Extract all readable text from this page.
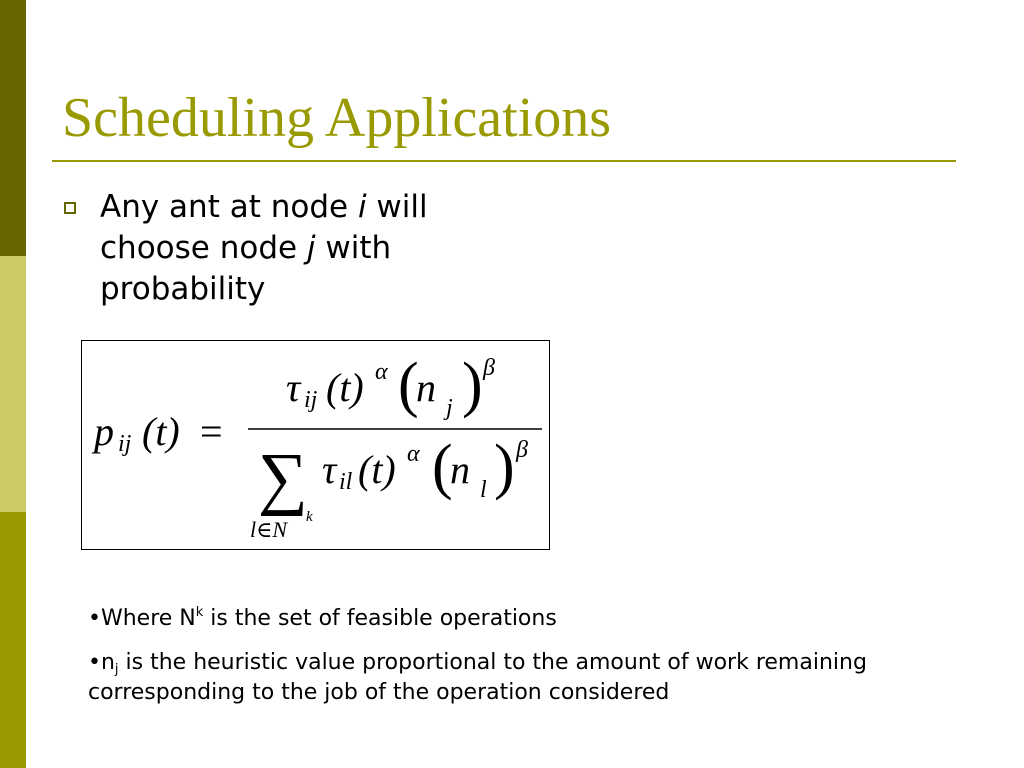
Scheduling Applications
Any ant at node i will choose node j with probability
p ij (t) =
τ ij (t) α (
n j ) β
∑
l∈N k
τ il (t) α (
n l ) β

•Where $N^k$ is the set of feasible operations

$•n_j$ is the heuristic value proportional to the amount of work remaining corresponding to the job of the operation considered
